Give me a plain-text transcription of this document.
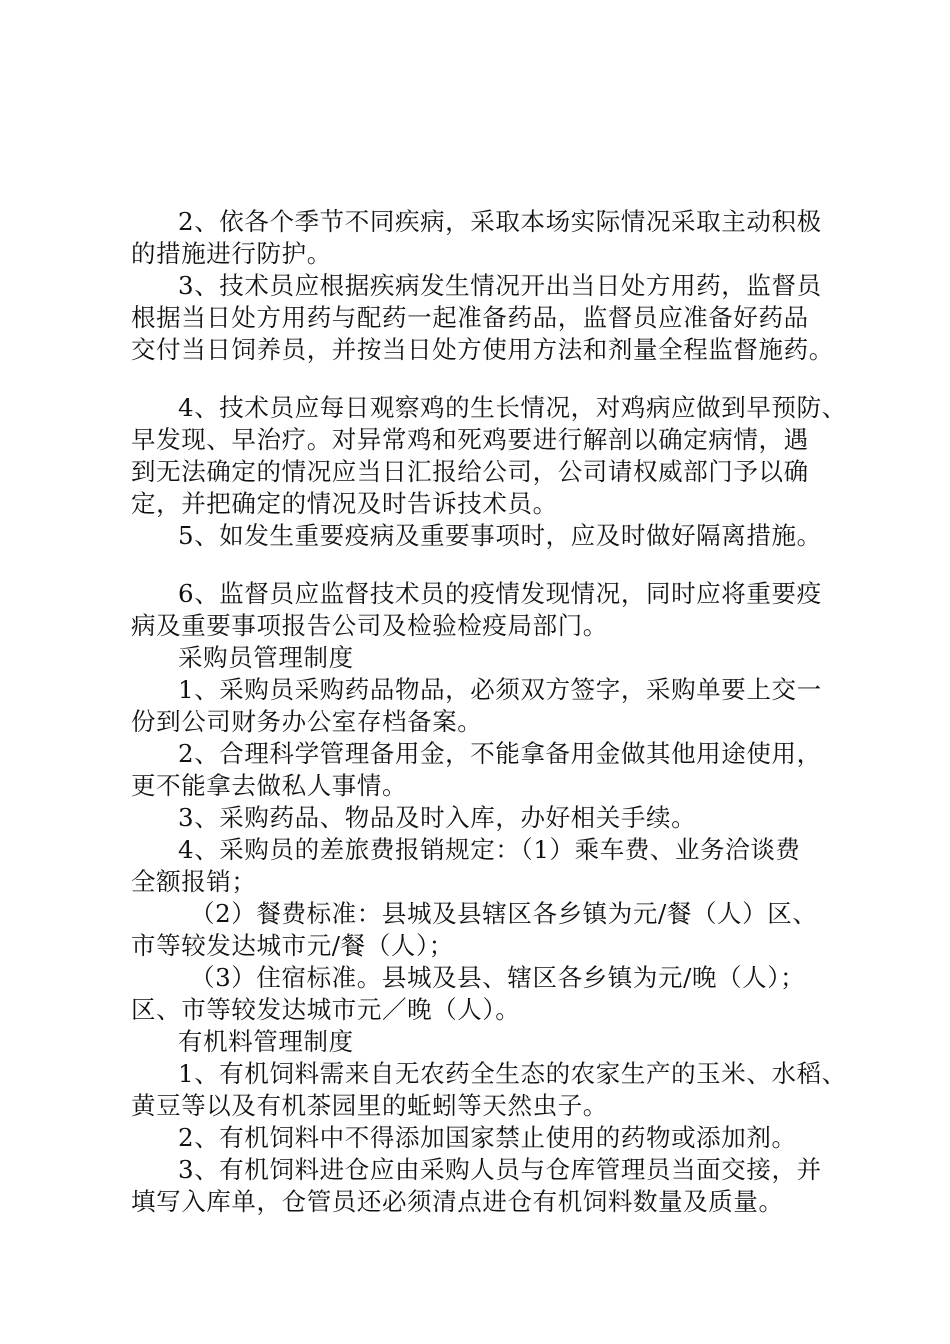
2、依各个季节不同疾病，采取本场实际情况采取主动积极
的措施进行防护。
3、技术员应根据疾病发生情况开出当日处方用药，监督员
根据当日处方用药与配药一起准备药品，监督员应准备好药品
交付当日饲养员，并按当日处方使用方法和剂量全程监督施药。
4、技术员应每日观察鸡的生长情况，对鸡病应做到早预防、
早发现、早治疗。对异常鸡和死鸡要进行解剖以确定病情，遇
到无法确定的情况应当日汇报给公司，公司请权威部门予以确
定，并把确定的情况及时告诉技术员。
5、如发生重要疫病及重要事项时，应及时做好隔离措施。
6、监督员应监督技术员的疫情发现情况，同时应将重要疫
病及重要事项报告公司及检验检疫局部门。
采购员管理制度
1、采购员采购药品物品，必须双方签字，采购单要上交一
份到公司财务办公室存档备案。
2、合理科学管理备用金，不能拿备用金做其他用途使用，
更不能拿去做私人事情。
3、采购药品、物品及时入库，办好相关手续。
4、采购员的差旅费报销规定：（1）乘车费、业务洽谈费
全额报销；
（2）餐费标准：县城及县辖区各乡镇为元/餐（人）区、
市等较发达城市元/餐（人）；
（3）住宿标准。县城及县、辖区各乡镇为元/晚（人）；
区、市等较发达城市元／晚（人）。
有机料管理制度
1、有机饲料需来自无农药全生态的农家生产的玉米、水稻、
黄豆等以及有机茶园里的蚯蚓等天然虫子。
2、有机饲料中不得添加国家禁止使用的药物或添加剂。
3、有机饲料进仓应由采购人员与仓库管理员当面交接，并
填写入库单，仓管员还必须清点进仓有机饲料数量及质量。
